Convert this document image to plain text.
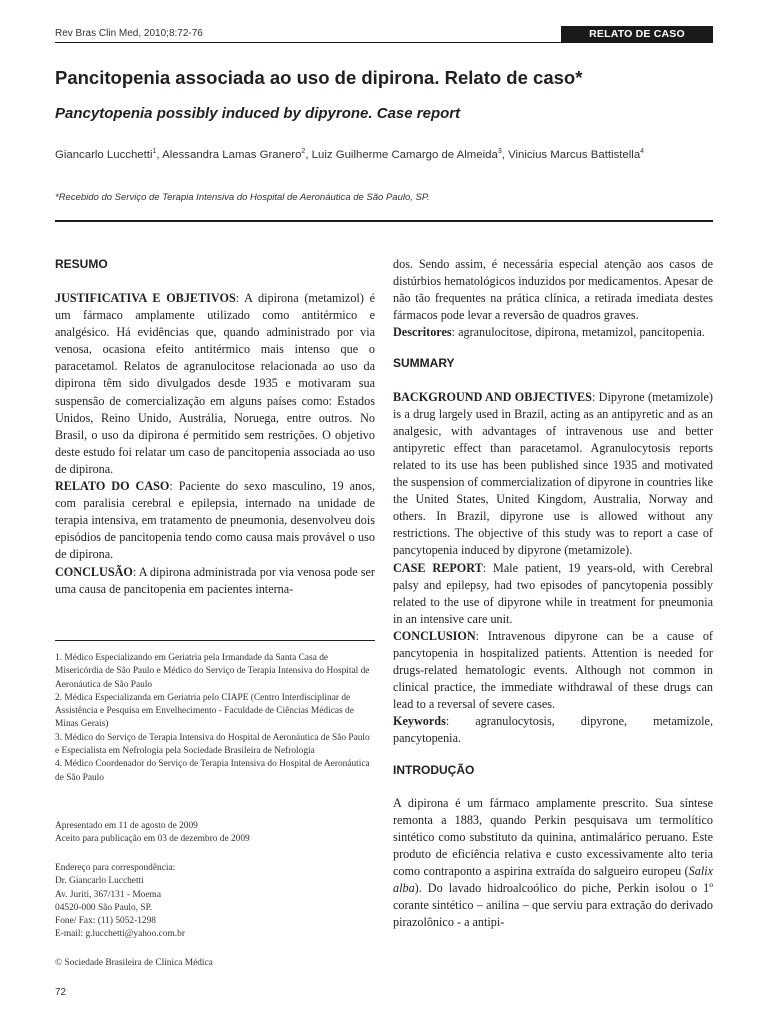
Rev Bras Clin Med, 2010;8:72-76	RELATO DE CASO
Pancitopenia associada ao uso de dipirona. Relato de caso*
Pancytopenia possibly induced by dipyrone. Case report
Giancarlo Lucchetti$^1$, Alessandra Lamas Granero$^2$, Luiz Guilherme Camargo de Almeida$^3$, Vinicius Marcus Battistella$^4$
*Recebido do Serviço de Terapia Intensiva do Hospital de Aeronáutica de São Paulo, SP.
RESUMO

JUSTIFICATIVA E OBJETIVOS: A dipirona (metamizol) é um fármaco amplamente utilizado como antitérmico e analgésico. Há evidências que, quando administrado por via venosa, ocasiona efeito antitérmico mais intenso que o paracetamol. Relatos de agranulocitose relacionada ao uso da dipirona têm sido divulgados desde 1935 e motivaram sua suspensão de comercialização em alguns países como: Estados Unidos, Reino Unido, Austrália, Noruega, entre outros. No Brasil, o uso da dipirona é permitido sem restrições. O objetivo deste estudo foi relatar um caso de pancitopenia associada ao uso de dipirona.

RELATO DO CASO: Paciente do sexo masculino, 19 anos, com paralisia cerebral e epilepsia, internado na unidade de terapia intensiva, em tratamento de pneumonia, desenvolveu dois episódios de pancitopenia tendo como causa mais provável o uso de dipirona.

CONCLUSÃO: A dipirona administrada por via venosa pode ser uma causa de pancitopenia em pacientes interna-

1. Médico Especializando em Geriatria pela Irmandade da Santa Casa de Misericórdia de São Paulo e Médico do Serviço de Terapia Intensiva do Hospital de Aeronáutica de São Paulo

2. Médica Especializanda em Geriatria pelo CIAPE (Centro Interdisciplinar de Assistência e Pesquisa em Envelhecimento - Faculdade de Ciências Médicas de Minas Gerais)

3. Médico do Serviço de Terapia Intensiva do Hospital de Aeronáutica de São Paulo e Especialista em Nefrologia pela Sociedade Brasileira de Nefrologia

4. Médico Coordenador do Serviço de Terapia Intensiva do Hospital de Aeronáutica de São Paulo

Apresentado em 11 de agosto de 2009

Aceito para publicação em 03 de dezembro de 2009

Endereço para correspondência:

Dr. Giancarlo Lucchetti

Av. Juriti, 367/131 - Moema

04520-000 São Paulo, SP.

Fone/ Fax: (11) 5052-1298

E-mail: g.lucchetti@yahoo.com.br

© Sociedade Brasileira de Clínica Médica
72

dos. Sendo assim, é necessária especial atenção aos casos de distúrbios hematológicos induzidos por medicamentos. Apesar de não tão frequentes na prática clínica, a retirada imediata destes fármacos pode levar a reversão de quadros graves.

Descritores: agranulocitose, dipirona, metamizol, pancitopenia.

SUMMARY

BACKGROUND AND OBJECTIVES: Dipyrone (metamizole) is a drug largely used in Brazil, acting as an antipyretic and as an analgesic, with advantages of intravenous use and better antipyretic effect than paracetamol. Agranulocytosis reports related to its use has been published since 1935 and motivated the suspension of commercialization of dipyrone in countries like the United States, United Kingdom, Australia, Norway and others. In Brazil, dipyrone use is allowed without any restrictions. The objective of this study was to report a case of pancytopenia induced by dipyrone (metamizole).

CASE REPORT: Male patient, 19 years-old, with Cerebral palsy and epilepsy, had two episodes of pancytopenia possibly related to the use of dipyrone while in treatment for pneumonia in an intensive care unit.

CONCLUSION: Intravenous dipyrone can be a cause of pancytopenia in hospitalized patients. Attention is needed for drugs-related hematologic events. Although not common in clinical practice, the immediate withdrawal of these drugs can lead to a reversal of severe cases.

Keywords: agranulocytosis, dipyrone, metamizole, pancytopenia.

INTRODUÇÃO

A dipirona é um fármaco amplamente prescrito. Sua síntese remonta a 1883, quando Perkin pesquisava um termolítico sintético como substituto da quinina, antimalárico peruano. Este produto de eficiência relativa e custo excessivamente alto teria como contraponto a aspirina extraída do salgueiro europeu (Salix alba). Do lavado hidroalcoólico do piche, Perkin isolou o 1º corante sintético – anilina – que serviu para extração do derivado pirazolônico - a antipi-
